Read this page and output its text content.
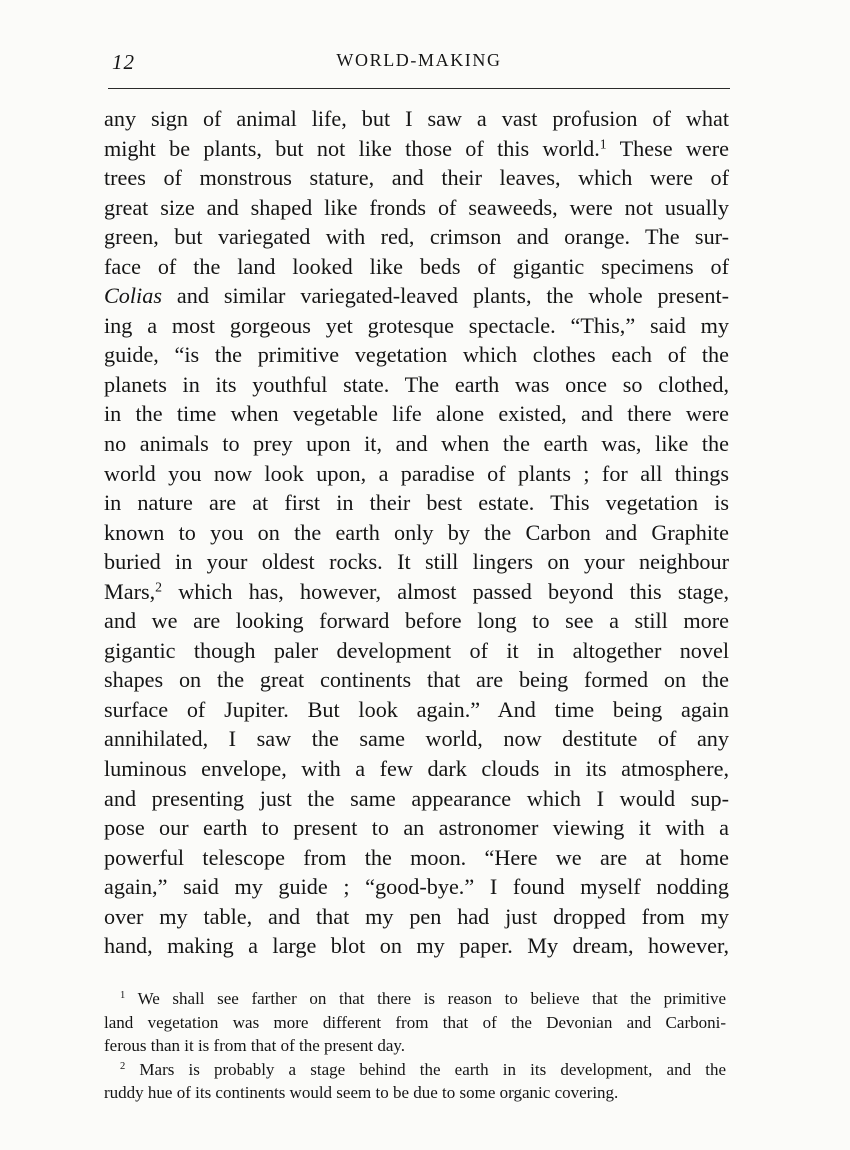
12	WORLD-MAKING
any sign of animal life, but I saw a vast profusion of what
might be plants, but not like those of this world.$^1$ These were
trees of monstrous stature, and their leaves, which were of
great size and shaped like fronds of seaweeds, were not usually
green, but variegated with red, crimson and orange. The sur-
face of the land looked like beds of gigantic specimens of
Colias and similar variegated-leaved plants, the whole present-
ing a most gorgeous yet grotesque spectacle. “This,” said my
guide, “is the primitive vegetation which clothes each of the
planets in its youthful state. The earth was once so clothed,
in the time when vegetable life alone existed, and there were
no animals to prey upon it, and when the earth was, like the
world you now look upon, a paradise of plants ; for all things
in nature are at first in their best estate. This vegetation is
known to you on the earth only by the Carbon and Graphite
buried in your oldest rocks. It still lingers on your neighbour
Mars,$^2$ which has, however, almost passed beyond this stage,
and we are looking forward before long to see a still more
gigantic though paler development of it in altogether novel
shapes on the great continents that are being formed on the
surface of Jupiter. But look again.” And time being again
annihilated, I saw the same world, now destitute of any
luminous envelope, with a few dark clouds in its atmosphere,
and presenting just the same appearance which I would sup-
pose our earth to present to an astronomer viewing it with a
powerful telescope from the moon. “Here we are at home
again,” said my guide ; “good-bye.” I found myself nodding
over my table, and that my pen had just dropped from my
hand, making a large blot on my paper. My dream, however,
$^1$ We shall see farther on that there is reason to believe that the primitive
land vegetation was more different from that of the Devonian and Carboni-
ferous than it is from that of the present day.
$^2$ Mars is probably a stage behind the earth in its development, and the
ruddy hue of its continents would seem to be due to some organic covering.
